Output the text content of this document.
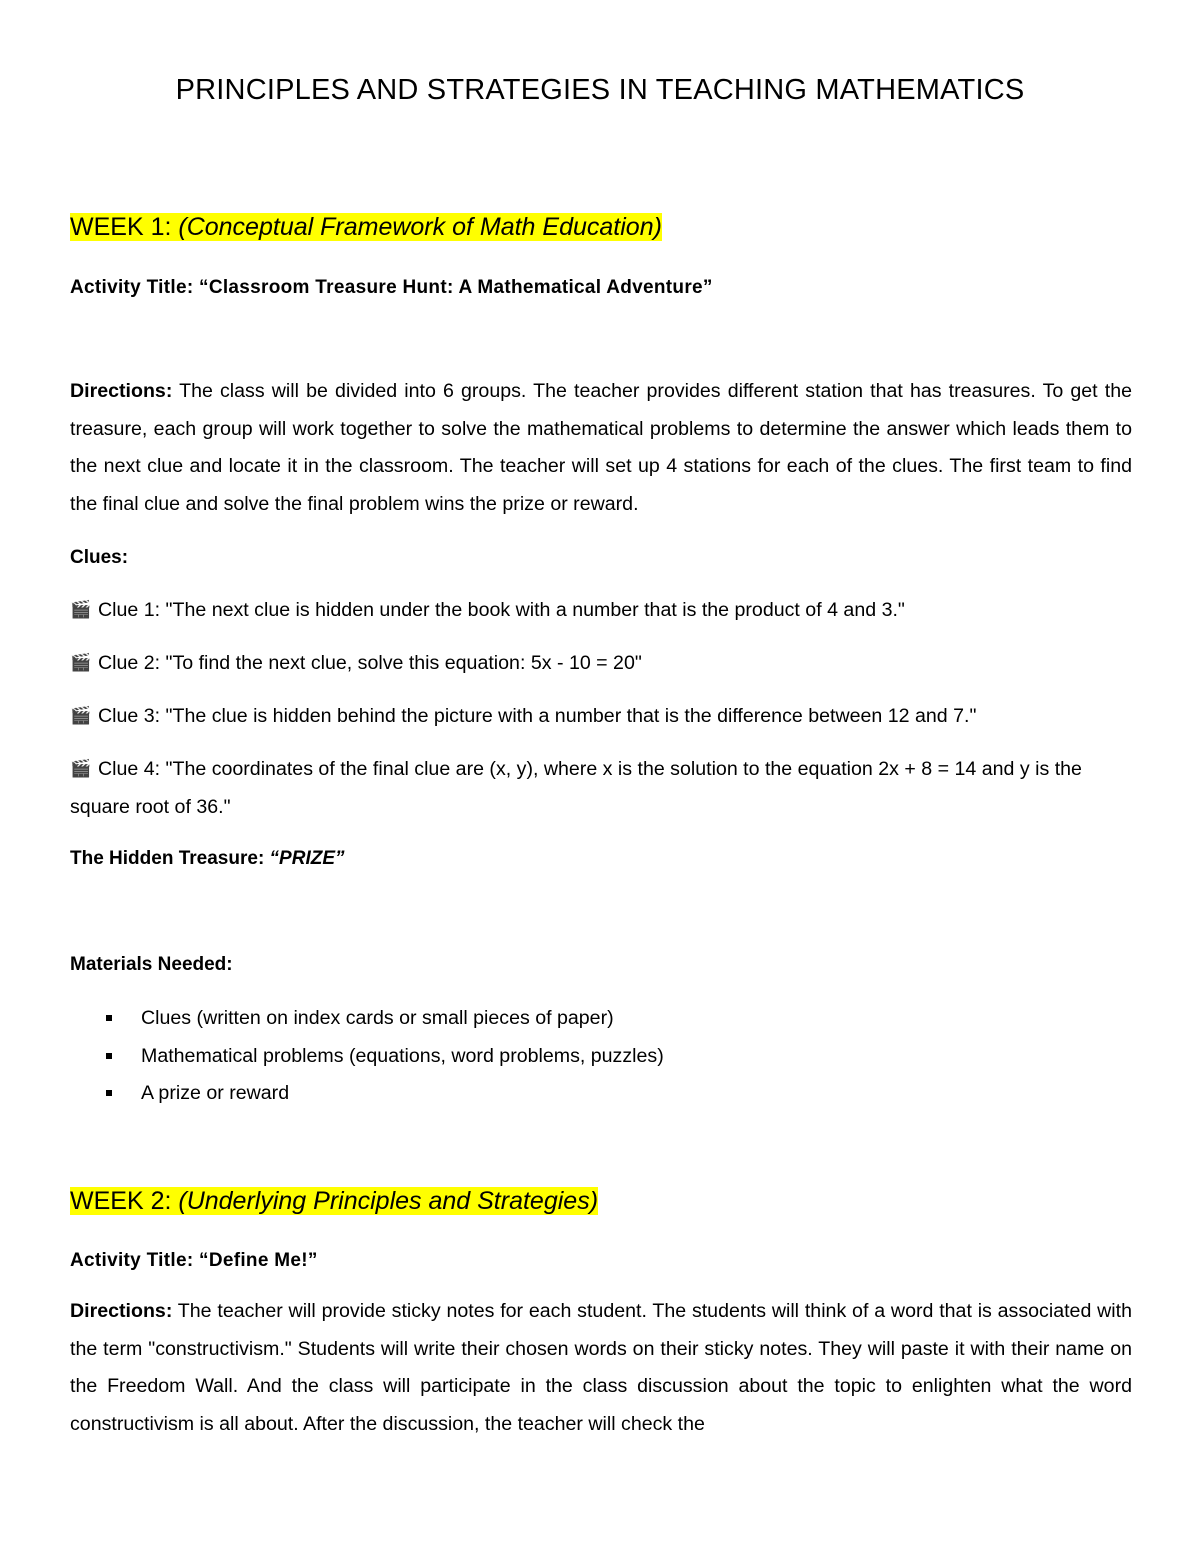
PRINCIPLES AND STRATEGIES IN TEACHING MATHEMATICS
WEEK 1: (Conceptual Framework of Math Education)
Activity Title: “Classroom Treasure Hunt: A Mathematical Adventure”
Directions: The class will be divided into 6 groups. The teacher provides different station that has treasures. To get the treasure, each group will work together to solve the mathematical problems to determine the answer which leads them to the next clue and locate it in the classroom. The teacher will set up 4 stations for each of the clues. The first team to find the final clue and solve the final problem wins the prize or reward.
Clues:
🎬 Clue 1: "The next clue is hidden under the book with a number that is the product of 4 and 3."
🎬 Clue 2: "To find the next clue, solve this equation: 5x - 10 = 20"
🎬 Clue 3: "The clue is hidden behind the picture with a number that is the difference between 12 and 7."
🎬 Clue 4: "The coordinates of the final clue are (x, y), where x is the solution to the equation 2x + 8 = 14 and y is the square root of 36."
The Hidden Treasure: “PRIZE”
Materials Needed:
Clues (written on index cards or small pieces of paper)
Mathematical problems (equations, word problems, puzzles)
A prize or reward
WEEK 2: (Underlying Principles and Strategies)
Activity Title: “Define Me!”
Directions: The teacher will provide sticky notes for each student. The students will think of a word that is associated with the term "constructivism." Students will write their chosen words on their sticky notes. They will paste it with their name on the Freedom Wall. And the class will participate in the class discussion about the topic to enlighten what the word constructivism is all about. After the discussion, the teacher will check the
